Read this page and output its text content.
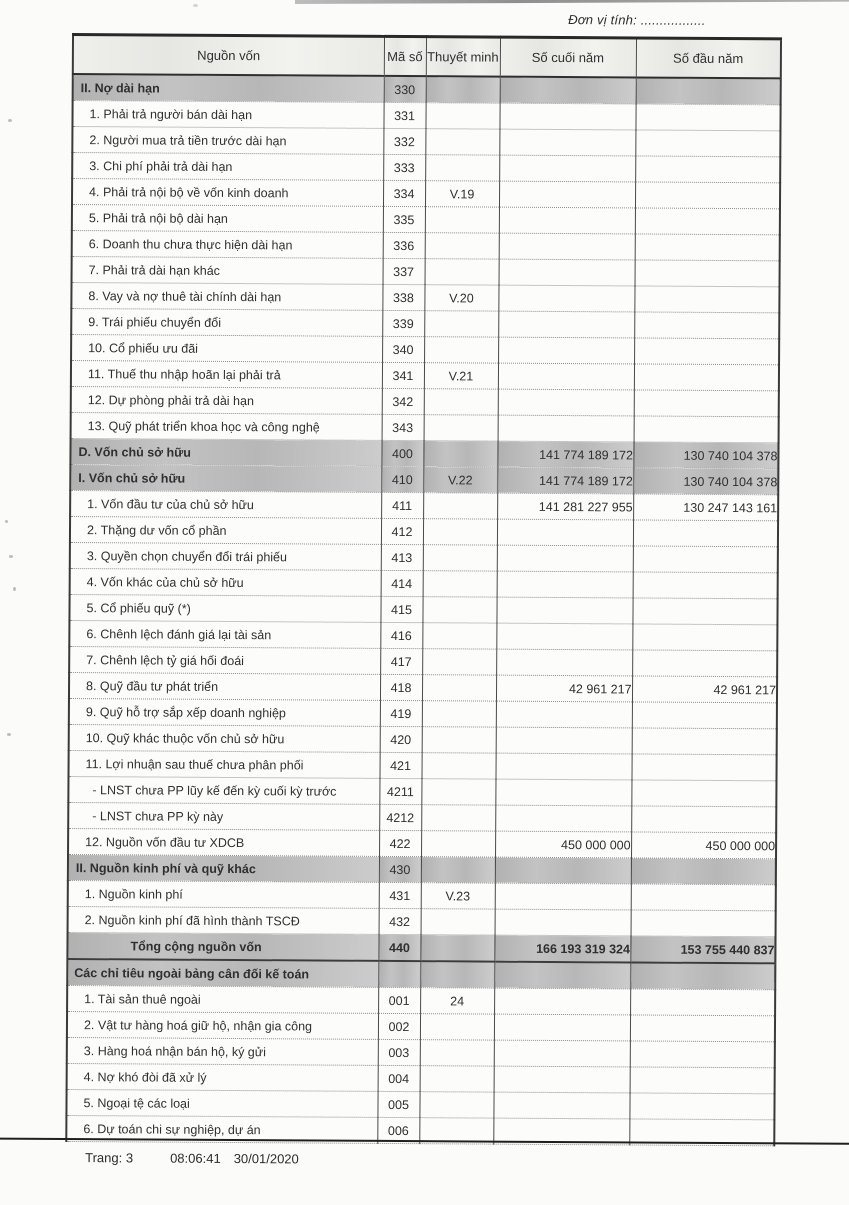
Đơn vị tính: .................
Nguồn vốn	Mã số	Thuyết minh	Số cuối năm	Số đầu năm
II. Nợ dài hạn	330			
1. Phải trả người bán dài hạn	331			
2. Người mua trả tiền trước dài hạn	332			
3. Chi phí phải trả dài hạn	333			
4. Phải trả nội bộ về vốn kinh doanh	334	V.19		
5. Phải trả nội bộ dài hạn	335			
6. Doanh thu chưa thực hiện dài hạn	336			
7. Phải trả dài hạn khác	337			
8. Vay và nợ thuê tài chính dài hạn	338	V.20		
9. Trái phiếu chuyển đổi	339			
10. Cổ phiếu ưu đãi	340			
11. Thuế thu nhập hoãn lại phải trả	341	V.21		
12. Dự phòng phải trả dài hạn	342			
13. Quỹ phát triển khoa học và công nghệ	343			
D. Vốn chủ sở hữu	400		141 774 189 172	130 740 104 378
I. Vốn chủ sở hữu	410	V.22	141 774 189 172	130 740 104 378
1. Vốn đầu tư của chủ sở hữu	411		141 281 227 955	130 247 143 161
2. Thặng dư vốn cổ phần	412			
3. Quyền chọn chuyển đổi trái phiếu	413			
4. Vốn khác của chủ sở hữu	414			
5. Cổ phiếu quỹ (*)	415			
6. Chênh lệch đánh giá lại tài sản	416			
7. Chênh lệch tỷ giá hối đoái	417			
8. Quỹ đầu tư phát triển	418		42 961 217	42 961 217
9. Quỹ hỗ trợ sắp xếp doanh nghiệp	419			
10. Quỹ khác thuộc vốn chủ sở hữu	420			
11. Lợi nhuận sau thuế chưa phân phối	421			
- LNST chưa PP lũy kế đến kỳ cuối kỳ trước	4211			
- LNST chưa PP kỳ này	4212			
12. Nguồn vốn đầu tư XDCB	422		450 000 000	450 000 000
II. Nguồn kinh phí và quỹ khác	430			
1. Nguồn kinh phí	431	V.23		
2. Nguồn kinh phí đã hình thành TSCĐ	432			
Tổng cộng nguồn vốn	440		166 193 319 324	153 755 440 837
Các chỉ tiêu ngoài bảng cân đối kế toán				
1. Tài sản thuê ngoài	001	24		
2. Vật tư hàng hoá giữ hộ, nhận gia công	002			
3. Hàng hoá nhận bán hộ, ký gửi	003			
4. Nợ khó đòi đã xử lý	004			
5. Ngoại tệ các loại	005			
6. Dự toán chi sự nghiệp, dự án	006			
Trang: 3	08:06:41 30/01/2020
